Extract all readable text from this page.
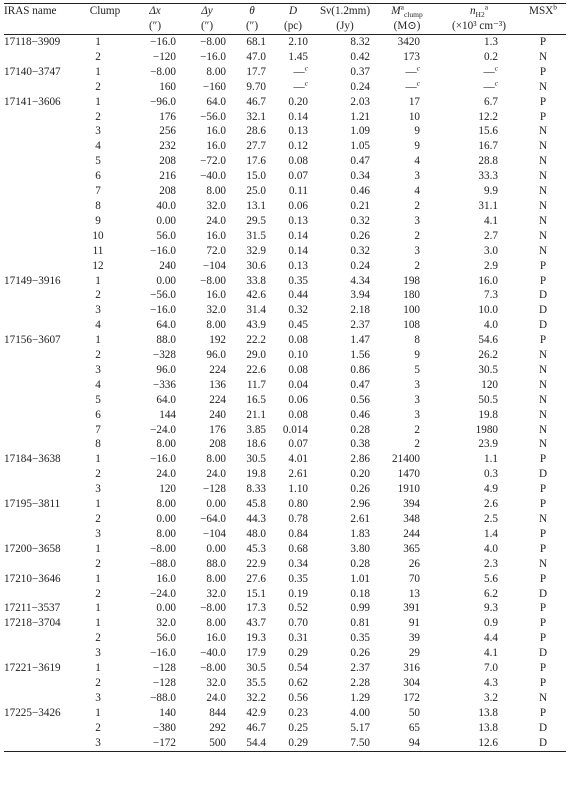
IRAS name	Clump	Δx	Δy	θ	D	Sν(1.2mm)	$M^a_{clump}$	$n_{H2}^a$	MSX$^b$
		(″)	(″)	(″)	(pc)	(Jy)	(M⊙)	(×10³ cm⁻³)	
17118−3909	1	−16.0	−8.00	68.1	2.10	8.32	3420	1.3	P
	2	−120	−16.0	47.0	1.45	0.42	173	0.2	N
17140−3747	1	−8.00	8.00	17.7	—$^c$	0.37	—$^c$	—$^c$	P
	2	160	−160	9.70	—$^c$	0.24	—$^c$	—$^c$	N
17141−3606	1	−96.0	64.0	46.7	0.20	2.03	17	6.7	P
	2	176	−56.0	32.1	0.14	1.21	10	12.2	P
	3	256	16.0	28.6	0.13	1.09	9	15.6	N
	4	232	16.0	27.7	0.12	1.05	9	16.7	N
	5	208	−72.0	17.6	0.08	0.47	4	28.8	N
	6	216	−40.0	15.0	0.07	0.34	3	33.3	N
	7	208	8.00	25.0	0.11	0.46	4	9.9	N
	8	40.0	32.0	13.1	0.06	0.21	2	31.1	N
	9	0.00	24.0	29.5	0.13	0.32	3	4.1	N
	10	56.0	16.0	31.5	0.14	0.26	2	2.7	N
	11	−16.0	72.0	32.9	0.14	0.32	3	3.0	N
	12	240	−104	30.6	0.13	0.24	2	2.9	P
17149−3916	1	0.00	−8.00	33.8	0.35	4.34	198	16.0	P
	2	−56.0	16.0	42.6	0.44	3.94	180	7.3	D
	3	−16.0	32.0	31.4	0.32	2.18	100	10.0	D
	4	64.0	8.00	43.9	0.45	2.37	108	4.0	D
17156−3607	1	88.0	192	22.2	0.08	1.47	8	54.6	P
	2	−328	96.0	29.0	0.10	1.56	9	26.2	N
	3	96.0	224	22.6	0.08	0.86	5	30.5	N
	4	−336	136	11.7	0.04	0.47	3	120	N
	5	64.0	224	16.5	0.06	0.56	3	50.5	N
	6	144	240	21.1	0.08	0.46	3	19.8	N
	7	−24.0	176	3.85	0.014	0.28	2	1980	N
	8	8.00	208	18.6	0.07	0.38	2	23.9	N
17184−3638	1	−16.0	8.00	30.5	4.01	2.86	21400	1.1	P
	2	24.0	24.0	19.8	2.61	0.20	1470	0.3	D
	3	120	−128	8.33	1.10	0.26	1910	4.9	P
17195−3811	1	8.00	0.00	45.8	0.80	2.96	394	2.6	P
	2	0.00	−64.0	44.3	0.78	2.61	348	2.5	N
	3	8.00	−104	48.0	0.84	1.83	244	1.4	P
17200−3658	1	−8.00	0.00	45.3	0.68	3.80	365	4.0	P
	2	−88.0	88.0	22.9	0.34	0.28	26	2.3	N
17210−3646	1	16.0	8.00	27.6	0.35	1.01	70	5.6	P
	2	−24.0	32.0	15.1	0.19	0.18	13	6.2	D
17211−3537	1	0.00	−8.00	17.3	0.52	0.99	391	9.3	P
17218−3704	1	32.0	8.00	43.7	0.70	0.81	91	0.9	P
	2	56.0	16.0	19.3	0.31	0.35	39	4.4	P
	3	−16.0	−40.0	17.9	0.29	0.26	29	4.1	D
17221−3619	1	−128	−8.00	30.5	0.54	2.37	316	7.0	P
	2	−128	32.0	35.5	0.62	2.28	304	4.3	P
	3	−88.0	24.0	32.2	0.56	1.29	172	3.2	N
17225−3426	1	140	844	42.9	0.23	4.00	50	13.8	P
	2	−380	292	46.7	0.25	5.17	65	13.8	D
	3	−172	500	54.4	0.29	7.50	94	12.6	D
